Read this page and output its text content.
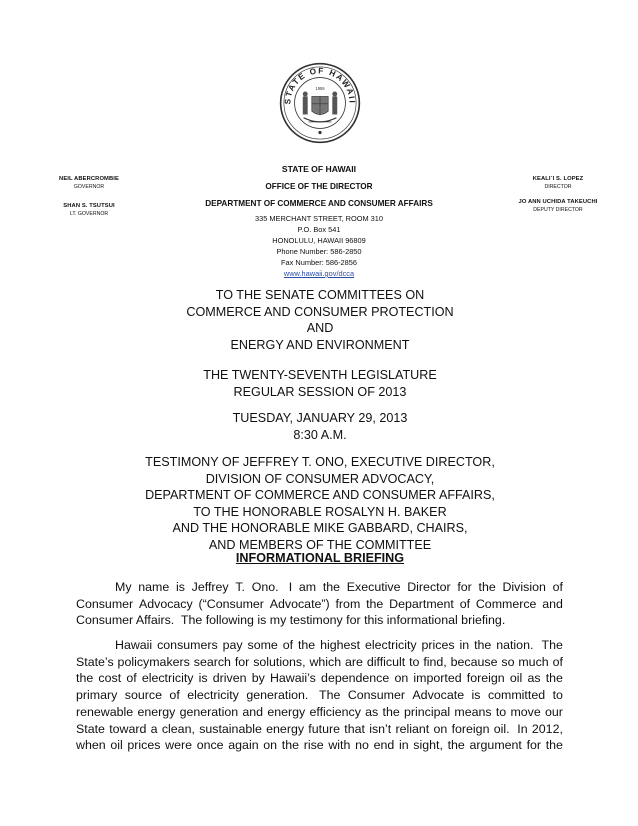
STATE OF HAWAII
1959
NEIL ABERCROMBIE
GOVERNOR
SHAN S. TSUTSUI
LT. GOVERNOR
STATE OF HAWAII
OFFICE OF THE DIRECTOR
DEPARTMENT OF COMMERCE AND CONSUMER AFFAIRS
335 MERCHANT STREET, ROOM 310
P.O. Box 541
HONOLULU, HAWAII 96809
Phone Number: 586-2850
Fax Number: 586-2856
www.hawaii.gov/dcca
KEALI`I S. LOPEZ
DIRECTOR
JO ANN UCHIDA TAKEUCHI
DEPUTY DIRECTOR
TO THE SENATE COMMITTEES ON
COMMERCE AND CONSUMER PROTECTION
AND
ENERGY AND ENVIRONMENT
THE TWENTY-SEVENTH LEGISLATURE
REGULAR SESSION OF 2013
TUESDAY, JANUARY 29, 2013
8:30 A.M.
TESTIMONY OF JEFFREY T. ONO, EXECUTIVE DIRECTOR,
DIVISION OF CONSUMER ADVOCACY,
DEPARTMENT OF COMMERCE AND CONSUMER AFFAIRS,
TO THE HONORABLE ROSALYN H. BAKER
AND THE HONORABLE MIKE GABBARD, CHAIRS,
AND MEMBERS OF THE COMMITTEE
INFORMATIONAL BRIEFING
My name is Jeffrey T. Ono. I am the Executive Director for the Division of
Consumer Advocacy (“Consumer Advocate”) from the Department of Commerce and
Consumer Affairs.  The following is my testimony for this informational briefing.
Hawaii consumers pay some of the highest electricity prices in the nation. The
State’s policymakers search for solutions, which are difficult to find, because so much of
the cost of electricity is driven by Hawaii’s dependence on imported foreign oil as the
primary source of electricity generation. The Consumer Advocate is committed to
renewable energy generation and energy efficiency as the principal means to move our
State toward a clean, sustainable energy future that isn’t reliant on foreign oil. In 2012,
when oil prices were once again on the rise with no end in sight, the argument for the
